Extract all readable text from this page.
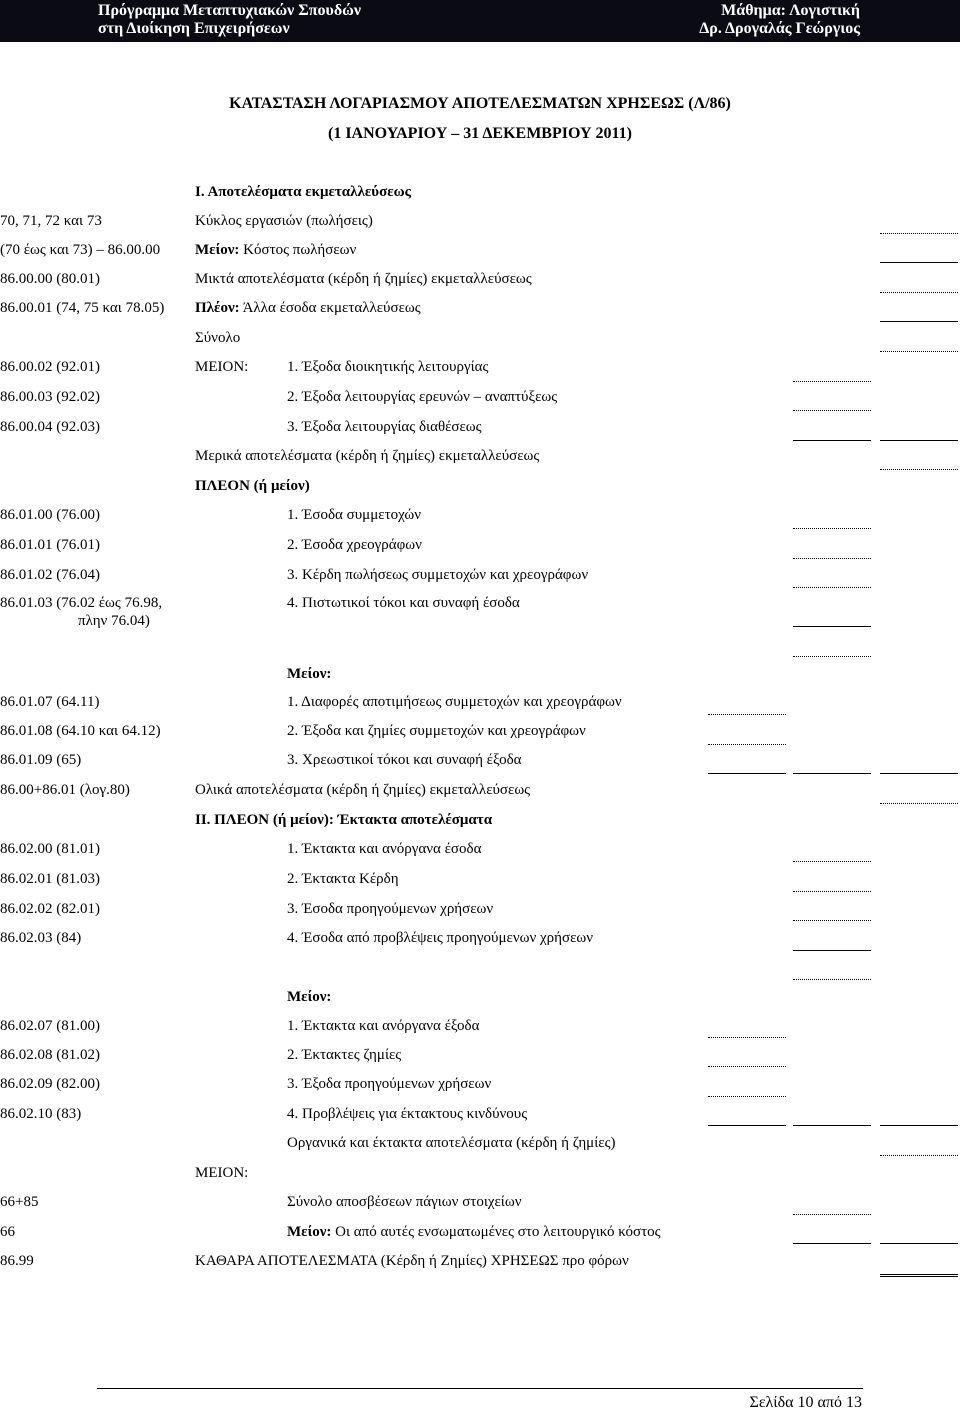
Πρόγραμμα Μεταπτυχιακών Σπουδών
στη Διοίκηση Επιχειρήσεων
Μάθημα: Λογιστική
Δρ. Δρογαλάς Γεώργιος
ΚΑΤΑΣΤΑΣΗ ΛΟΓΑΡΙΑΣΜΟΥ ΑΠΟΤΕΛΕΣΜΑΤΩΝ ΧΡΗΣΕΩΣ (Λ/86)
(1 ΙΑΝΟΥΑΡΙΟΥ – 31 ΔΕΚΕΜΒΡΙΟΥ 2011)
Ι. Αποτελέσματα εκμεταλλεύσεως
70, 71, 72 και 73	Κύκλος εργασιών (πωλήσεις)
(70 έως και 73) – 86.00.00 Μείον: Κόστος πωλήσεων
86.00.00 (80.01)	Μικτά αποτελέσματα (κέρδη ή ζημίες) εκμεταλλεύσεως
86.00.01 (74, 75 και 78.05) Πλέον: Άλλα έσοδα εκμεταλλεύσεως
Σύνολο
86.00.02 (92.01)	ΜΕΙΟΝ:	1. Έξοδα διοικητικής λειτουργίας
86.00.03 (92.02)	2. Έξοδα λειτουργίας ερευνών – αναπτύξεως
86.00.04 (92.03)	3. Έξοδα λειτουργίας διαθέσεως
Μερικά αποτελέσματα (κέρδη ή ζημίες) εκμεταλλεύσεως
ΠΛΕΟΝ (ή μείον)
86.01.00 (76.00)	1. Έσοδα συμμετοχών
86.01.01 (76.01)	2. Έσοδα χρεογράφων
86.01.02 (76.04)	3. Κέρδη πωλήσεως συμμετοχών και χρεογράφων
86.01.03 (76.02 έως 76.98,
πλην 76.04)
4. Πιστωτικοί τόκοι και συναφή έσοδα
Μείον:
86.01.07 (64.11)	1. Διαφορές αποτιμήσεως συμμετοχών και χρεογράφων
86.01.08 (64.10 και 64.12)	2. Έξοδα και ζημίες συμμετοχών και χρεογράφων
86.01.09 (65)	3. Χρεωστικοί τόκοι και συναφή έξοδα
86.00+86.01 (λογ.80)	Ολικά αποτελέσματα (κέρδη ή ζημίες) εκμεταλλεύσεως
ΙΙ. ΠΛΕΟΝ (ή μείον): Έκτακτα αποτελέσματα
86.02.00 (81.01)	1. Έκτακτα και ανόργανα έσοδα
86.02.01 (81.03)	2. Έκτακτα Κέρδη
86.02.02 (82.01)	3. Έσοδα προηγούμενων χρήσεων
86.02.03 (84)	4. Έσοδα από προβλέψεις προηγούμενων χρήσεων
Μείον:
86.02.07 (81.00)	1. Έκτακτα και ανόργανα έξοδα
86.02.08 (81.02)	2. Έκτακτες ζημίες
86.02.09 (82.00)	3. Έξοδα προηγούμενων χρήσεων
86.02.10 (83)	4. Προβλέψεις για έκτακτους κινδύνους
Οργανικά και έκτακτα αποτελέσματα (κέρδη ή ζημίες)
ΜΕΙΟΝ:
66+85	Σύνολο αποσβέσεων πάγιων στοιχείων
66	Μείον: Οι από αυτές ενσωματωμένες στο λειτουργικό κόστος
86.99	ΚΑΘΑΡΑ ΑΠΟΤΕΛΕΣΜΑΤΑ (Κέρδη ή Ζημίες) ΧΡΗΣΕΩΣ προ φόρων
Σελίδα 10 από 13
